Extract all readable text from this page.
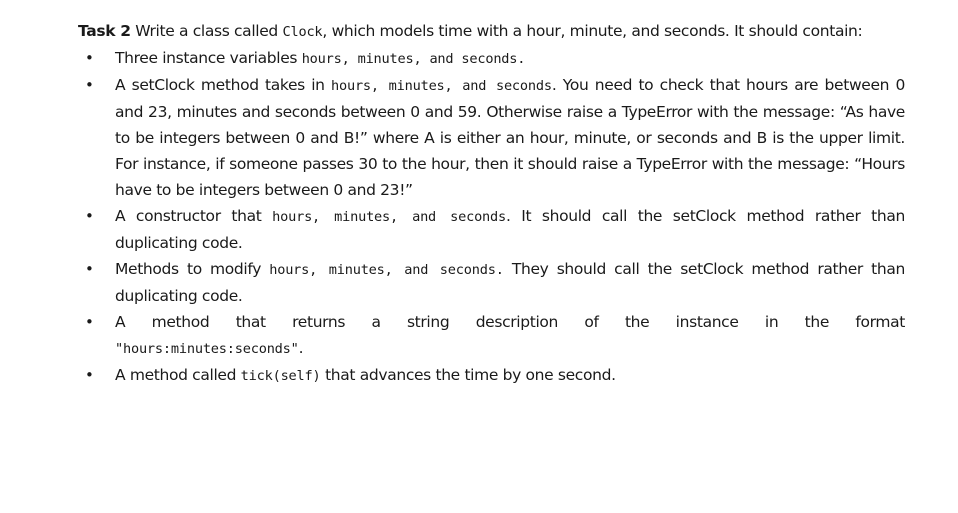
Task 2 Write a class called Clock, which models time with a hour, minute, and seconds. It should contain:

• Three instance variables hours, minutes, and seconds.
• A setClock method takes in hours, minutes, and seconds. You need to check that hours are between 0 and 23, minutes and seconds between 0 and 59. Otherwise raise a TypeError with the message: “As have to be integers between 0 and B!” where A is either an hour, minute, or seconds and B is the upper limit. For instance, if someone passes 30 to the hour, then it should raise a TypeError with the message: “Hours have to be integers between 0 and 23!”
• A constructor that hours, minutes, and seconds. It should call the setClock method rather than duplicating code.
• Methods to modify hours, minutes, and seconds. They should call the setClock method rather than duplicating code.
• A method that returns a string description of the instance in the format
"hours:minutes:seconds".
• A method called tick(self) that advances the time by one second.
